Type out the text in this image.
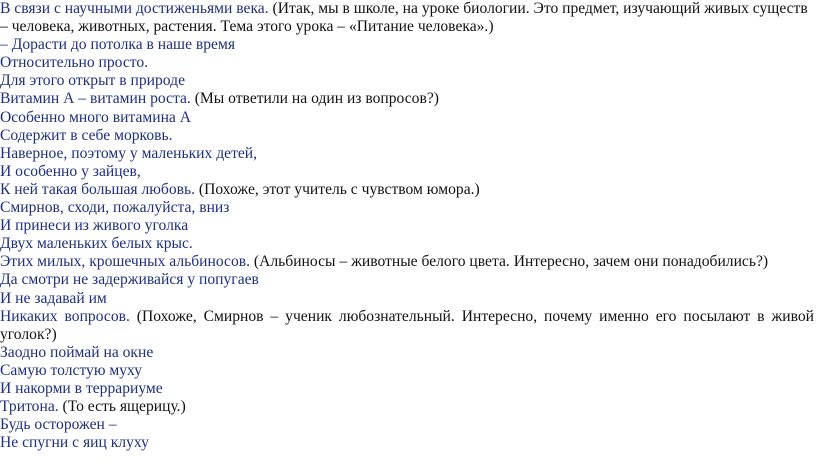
В связи с научными достиженьями века. (Итак, мы в школе, на уроке биологии. Это предмет, изучающий живых существ
– человека, животных, растения. Тема этого урока – «Питание человека».)
– Дорасти до потолка в наше время
Относительно просто.
Для этого открыт в природе
Витамин А – витамин роста. (Мы ответили на один из вопросов?)
Особенно много витамина А
Содержит в себе морковь.
Наверное, поэтому у маленьких детей,
И особенно у зайцев,
К ней такая большая любовь. (Похоже, этот учитель с чувством юмора.)
Смирнов, сходи, пожалуйста, вниз
И принеси из живого уголка
Двух маленьких белых крыс.
Этих милых, крошечных альбиносов. (Альбиносы – животные белого цвета. Интересно, зачем они понадобились?)
Да смотри не задерживайся у попугаев
И не задавай им
Никаких вопросов. (Похоже, Смирнов – ученик любознательный. Интересно, почему именно его посылают в живой уголок?)
Заодно поймай на окне
Самую толстую муху
И накорми в террариуме
Тритона. (То есть ящерицу.)
Будь осторожен –
Не спугни с яиц клуху
